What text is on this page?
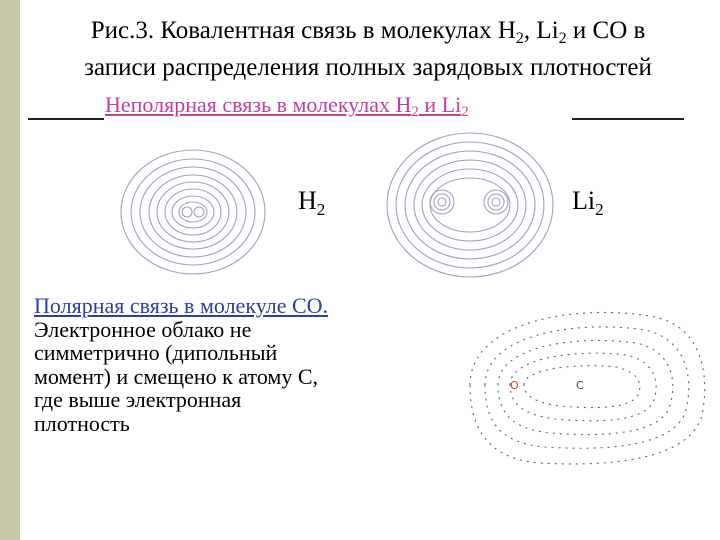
Рис.3. Ковалентная связь в молекулах $H_2$, $Li_2$ и CO в
записи распределения полных зарядовых плотностей
Неполярная связь в молекулах H2 и Li2
$H_2$	$Li_2$
Полярная связь в молекуле CO.
Электронное облако не
симметрично (дипольный
момент) и смещено к атому C,
где выше электронная
плотность
O	C
